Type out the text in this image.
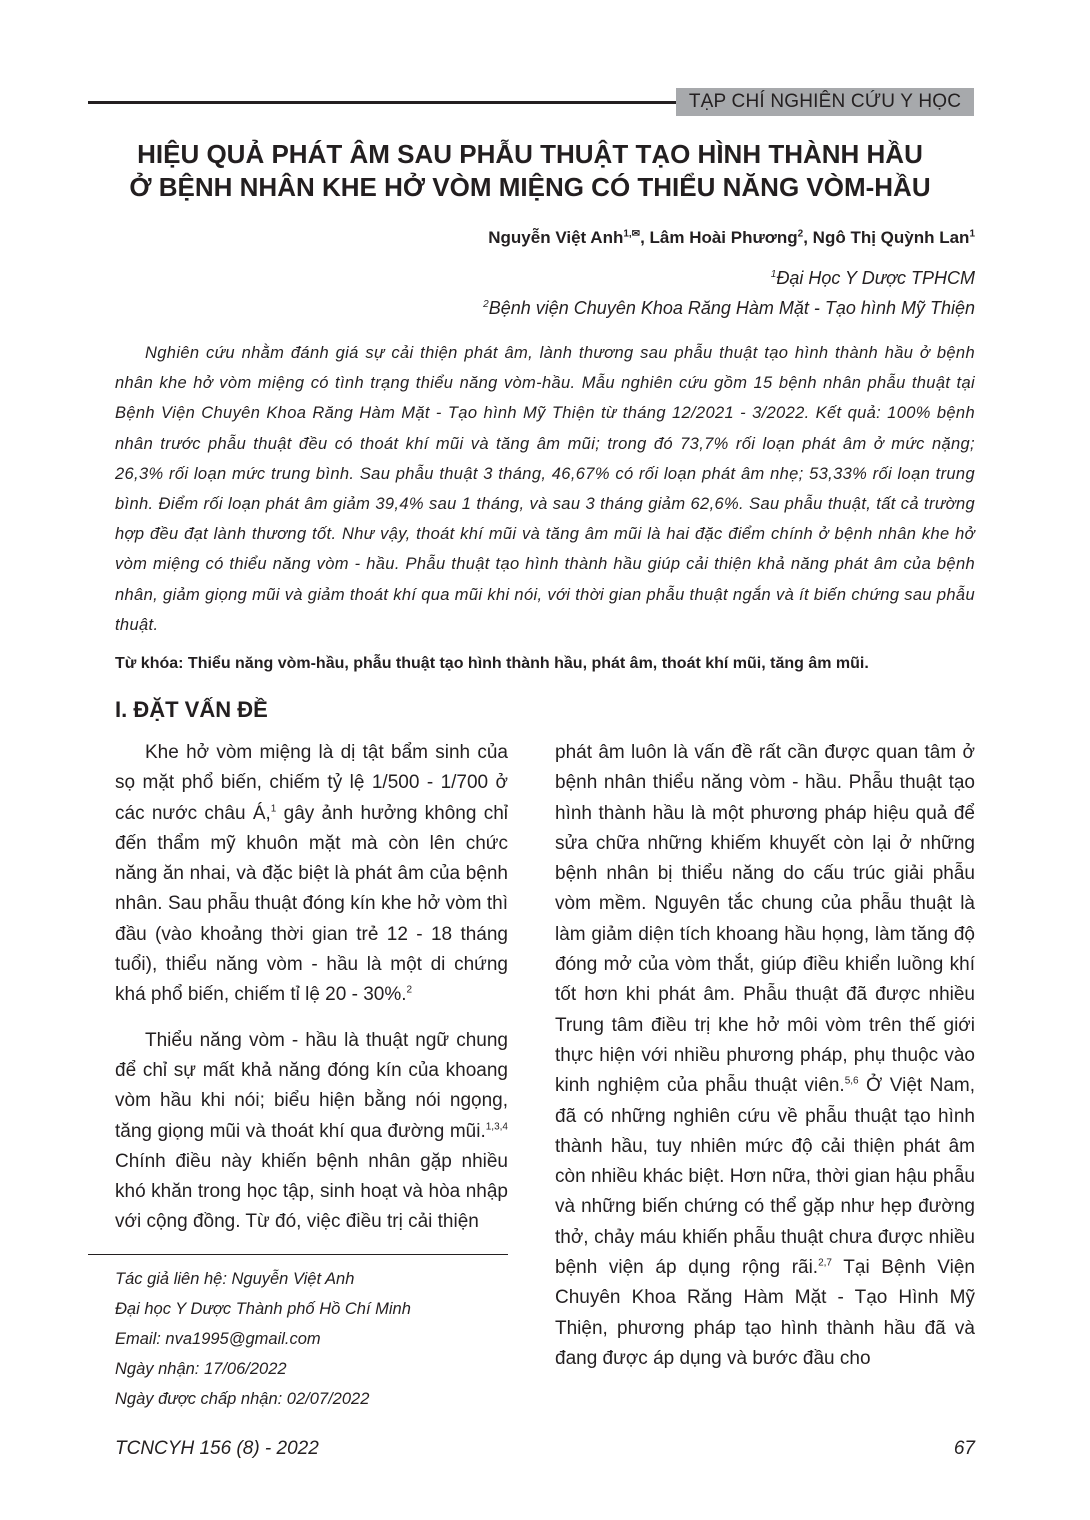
TẠP CHÍ NGHIÊN CỨU Y HỌC
HIỆU QUẢ PHÁT ÂM SAU PHẪU THUẬT TẠO HÌNH THÀNH HẦU
Ở BỆNH NHÂN KHE HỞ VÒM MIỆNG CÓ THIỂU NĂNG VÒM-HẦU
Nguyễn Việt Anh$^{1,✉}$, Lâm Hoài Phương$^2$, Ngô Thị Quỳnh Lan$^1$
$^1$Đại Học Y Dược TPHCM
$^2$Bệnh viện Chuyên Khoa Răng Hàm Mặt - Tạo hình Mỹ Thiện
Nghiên cứu nhằm đánh giá sự cải thiện phát âm, lành thương sau phẫu thuật tạo hình thành hầu ở bệnh nhân khe hở vòm miệng có tình trạng thiểu năng vòm-hầu. Mẫu nghiên cứu gồm 15 bệnh nhân phẫu thuật tại Bệnh Viện Chuyên Khoa Răng Hàm Mặt - Tạo hình Mỹ Thiện từ tháng 12/2021 - 3/2022. Kết quả: 100% bệnh nhân trước phẫu thuật đều có thoát khí mũi và tăng âm mũi; trong đó 73,7% rối loạn phát âm ở mức nặng; 26,3% rối loạn mức trung bình. Sau phẫu thuật 3 tháng, 46,67% có rối loạn phát âm nhẹ; 53,33% rối loạn trung bình. Điểm rối loạn phát âm giảm 39,4% sau 1 tháng, và sau 3 tháng giảm 62,6%. Sau phẫu thuật, tất cả trường hợp đều đạt lành thương tốt. Như vậy, thoát khí mũi và tăng âm mũi là hai đặc điểm chính ở bệnh nhân khe hở vòm miệng có thiểu năng vòm - hầu. Phẫu thuật tạo hình thành hầu giúp cải thiện khả năng phát âm của bệnh nhân, giảm giọng mũi và giảm thoát khí qua mũi khi nói, với thời gian phẫu thuật ngắn và ít biến chứng sau phẫu thuật.
Từ khóa: Thiểu năng vòm-hầu, phẫu thuật tạo hình thành hầu, phát âm, thoát khí mũi, tăng âm mũi.
I. ĐẶT VẤN ĐỀ

Khe hở vòm miệng là dị tật bẩm sinh của sọ mặt phổ biến, chiếm tỷ lệ 1/500 - 1/700 ở các nước châu Á,$^1$ gây ảnh hưởng không chỉ đến thẩm mỹ khuôn mặt mà còn lên chức năng ăn nhai, và đặc biệt là phát âm của bệnh nhân. Sau phẫu thuật đóng kín khe hở vòm thì đầu (vào khoảng thời gian trẻ 12 - 18 tháng tuổi), thiểu năng vòm - hầu là một di chứng khá phổ biến, chiếm tỉ lệ 20 - 30%.$^2$

Thiểu năng vòm - hầu là thuật ngữ chung để chỉ sự mất khả năng đóng kín của khoang vòm hầu khi nói; biểu hiện bằng nói ngọng, tăng giọng mũi và thoát khí qua đường mũi.$^{1,3,4}$ Chính điều này khiến bệnh nhân gặp nhiều khó khăn trong học tập, sinh hoạt và hòa nhập với cộng đồng. Từ đó, việc điều trị cải thiện

phát âm luôn là vấn đề rất cần được quan tâm ở bệnh nhân thiểu năng vòm - hầu. Phẫu thuật tạo hình thành hầu là một phương pháp hiệu quả để sửa chữa những khiếm khuyết còn lại ở những bệnh nhân bị thiểu năng do cấu trúc giải phẫu vòm mềm. Nguyên tắc chung của phẫu thuật là làm giảm diện tích khoang hầu họng, làm tăng độ đóng mở của vòm thắt, giúp điều khiển luồng khí tốt hơn khi phát âm. Phẫu thuật đã được nhiều Trung tâm điều trị khe hở môi vòm trên thế giới thực hiện với nhiều phương pháp, phụ thuộc vào kinh nghiệm của phẫu thuật viên.$^{5,6}$ Ở Việt Nam, đã có những nghiên cứu về phẫu thuật tạo hình thành hầu, tuy nhiên mức độ cải thiện phát âm còn nhiều khác biệt. Hơn nữa, thời gian hậu phẫu và những biến chứng có thể gặp như hẹp đường thở, chảy máu khiến phẫu thuật chưa được nhiều bệnh viện áp dụng rộng rãi.$^{2,7}$ Tại Bệnh Viện Chuyên Khoa Răng Hàm Mặt - Tạo Hình Mỹ Thiện, phương pháp tạo hình thành hầu đã và đang được áp dụng và bước đầu cho

Tác giả liên hệ: Nguyễn Việt Anh
Đại học Y Dược Thành phố Hồ Chí Minh
Email: nva1995@gmail.com
Ngày nhận: 17/06/2022
Ngày được chấp nhận: 02/07/2022
TCNCYH 156 (8) - 2022	67
